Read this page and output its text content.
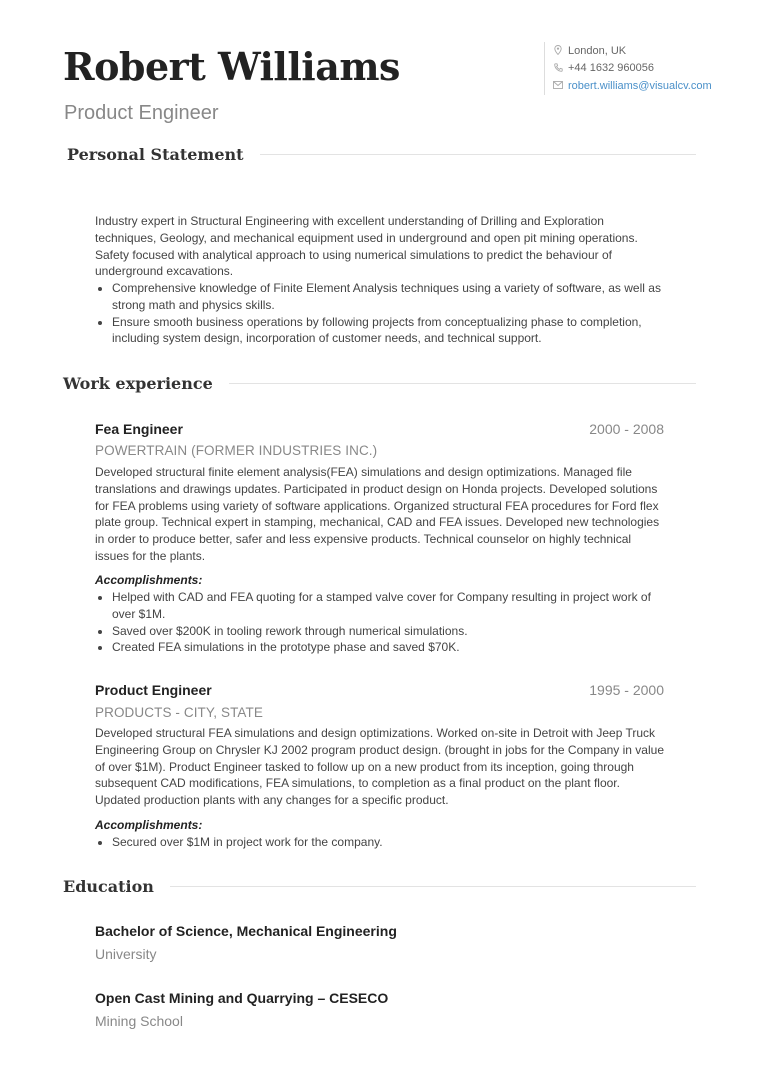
Robert Williams

Product Engineer

London, UK
+44 1632 960056
robert.williams@visualcv.com
Personal Statement

Industry expert in Structural Engineering with excellent understanding of Drilling and Exploration techniques, Geology, and mechanical equipment used in underground and open pit mining operations. Safety focused with analytical approach to using numerical simulations to predict the behaviour of underground excavations.

• Comprehensive knowledge of Finite Element Analysis techniques using a variety of software, as well as strong math and physics skills.
• Ensure smooth business operations by following projects from conceptualizing phase to completion, including system design, incorporation of customer needs, and technical support.
Work experience
Fea Engineer	2000 - 2008

POWERTRAIN (FORMER INDUSTRIES INC.)

Developed structural finite element analysis(FEA) simulations and design optimizations. Managed file translations and drawings updates. Participated in product design on Honda projects. Developed solutions for FEA problems using variety of software applications. Organized structural FEA procedures for Ford flex plate group. Technical expert in stamping, mechanical, CAD and FEA issues. Developed new technologies in order to produce better, safer and less expensive products. Technical counselor on highly technical issues for the plants.

Accomplishments:

• Helped with CAD and FEA quoting for a stamped valve cover for Company resulting in project work of over $1M.
• Saved over $200K in tooling rework through numerical simulations.
• Created FEA simulations in the prototype phase and saved $70K.
Product Engineer	1995 - 2000

PRODUCTS - CITY, STATE

Developed structural FEA simulations and design optimizations. Worked on-site in Detroit with Jeep Truck Engineering Group on Chrysler KJ 2002 program product design. (brought in jobs for the Company in value of over $1M). Product Engineer tasked to follow up on a new product from its inception, going through subsequent CAD modifications, FEA simulations, to completion as a final product on the plant floor. Updated production plants with any changes for a specific product.

Accomplishments:

• Secured over $1M in project work for the company.
Education

Bachelor of Science, Mechanical Engineering

University

Open Cast Mining and Quarrying – CESECO

Mining School
